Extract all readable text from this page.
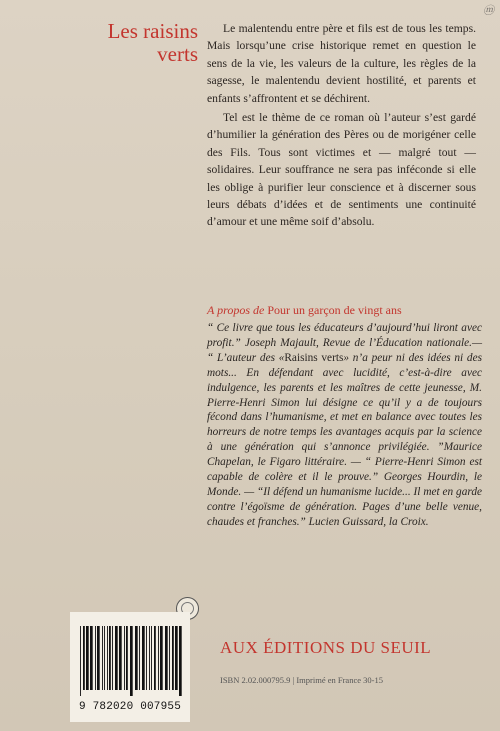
ⓜ
Les raisins
verts

Le malentendu entre père et fils est de tous les temps. Mais lorsqu’une crise historique remet en question le sens de la vie, les valeurs de la culture, les règles de la sagesse, le malentendu devient hostilité, et parents et enfants s’affrontent et se déchirent.

Tel est le thème de ce roman où l’auteur s’est gardé d’humilier la génération des Pères ou de morigéner celle des Fils. Tous sont victimes et — malgré tout — solidaires. Leur souffrance ne sera pas inféconde si elle les oblige à purifier leur conscience et à discerner sous leurs débats d’idées et de sentiments une continuité d’amour et une même soif d’absolu.

A propos de Pour un garçon de vingt ans
“ Ce livre que tous les éducateurs d’aujourd’hui liront avec profit.” Joseph Majault, Revue de l’Éducation nationale.— “ L’auteur des «Raisins verts» n’a peur ni des idées ni des mots... En défendant avec lucidité, c’est-à-dire avec indulgence, les parents et les maîtres de cette jeunesse, M. Pierre-Henri Simon lui désigne ce qu’il y a de toujours fécond dans l’humanisme, et met en balance avec toutes les horreurs de notre temps les avantages acquis par la science à une génération qui s’annonce privilégiée. ”Maurice Chapelan, le Figaro littéraire. — “ Pierre-Henri Simon est capable de colère et il le prouve.” Georges Hourdin, le Monde. — “Il défend un humanisme lucide... Il met en garde contre l’égoïsme de génération. Pages d’une belle venue, chaudes et franches.” Lucien Guissard, la Croix.
9 782020 007955
AUX ÉDITIONS DU SEUIL
ISBN 2.02.000795.9 | Imprimé en France 30-15
